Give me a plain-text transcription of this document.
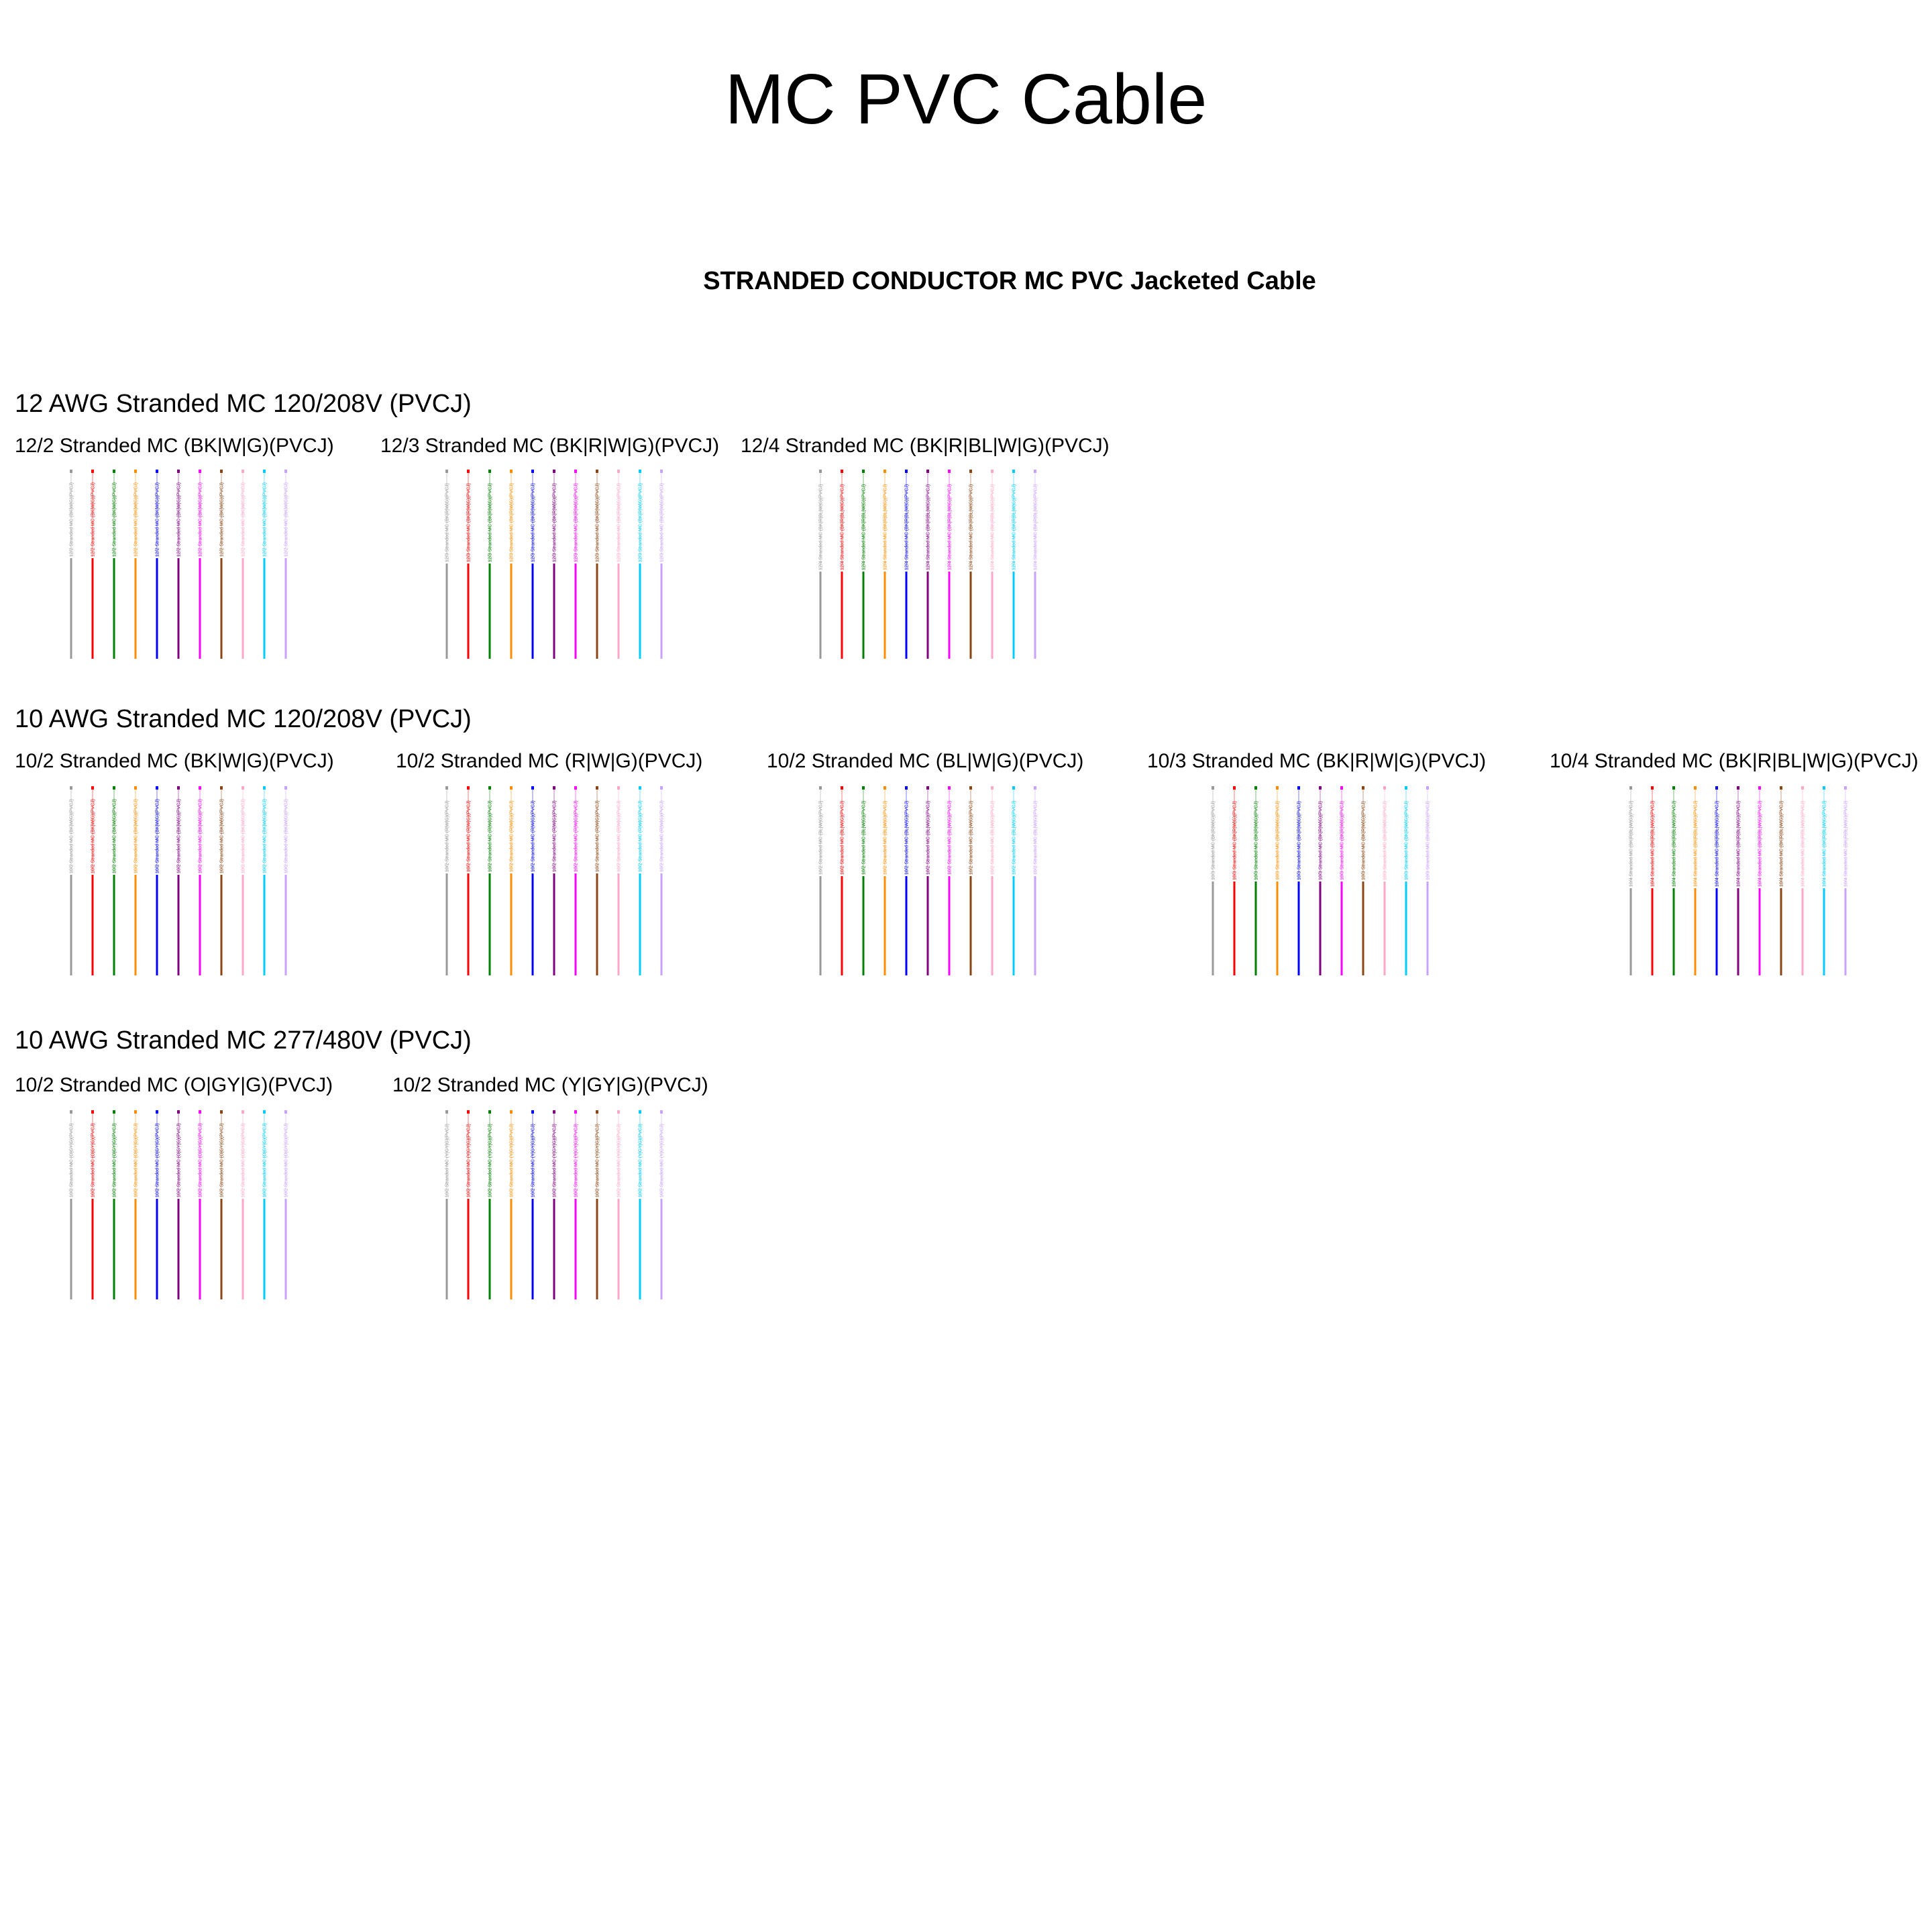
MC PVC Cable
STRANDED CONDUCTOR MC PVC Jacketed Cable
12 AWG Stranded MC 120/208V (PVCJ)
12/2 Stranded MC (BK|W|G)(PVCJ) 12/3 Stranded MC (BK|R|W|G)(PVCJ) 12/4 Stranded MC (BK|R|BL|W|G)(PVCJ)
12/2 Stranded MC (BK|W|G)(PVCJ)	12/2 Stranded MC (BK|W|G)(PVCJ)	12/2 Stranded MC (BK|W|G)(PVCJ)	12/2 Stranded MC (BK|W|G)(PVCJ)	12/2 Stranded MC (BK|W|G)(PVCJ)	12/2 Stranded MC (BK|W|G)(PVCJ)	12/2 Stranded MC (BK|W|G)(PVCJ)	12/2 Stranded MC (BK|W|G)(PVCJ)	12/2 Stranded MC (BK|W|G)(PVCJ)	12/2 Stranded MC (BK|W|G)(PVCJ)	12/2 Stranded MC (BK|W|G)(PVCJ)	12/3 Stranded MC (BK|R|W|G)(PVCJ)	12/3 Stranded MC (BK|R|W|G)(PVCJ)	12/3 Stranded MC (BK|R|W|G)(PVCJ)	12/3 Stranded MC (BK|R|W|G)(PVCJ)	12/3 Stranded MC (BK|R|W|G)(PVCJ)	12/3 Stranded MC (BK|R|W|G)(PVCJ)	12/3 Stranded MC (BK|R|W|G)(PVCJ)	12/3 Stranded MC (BK|R|W|G)(PVCJ)	12/3 Stranded MC (BK|R|W|G)(PVCJ)	12/3 Stranded MC (BK|R|W|G)(PVCJ)	12/3 Stranded MC (BK|R|W|G)(PVCJ)	12/4 Stranded MC (BK|R|BL|W|G)(PVCJ)	12/4 Stranded MC (BK|R|BL|W|G)(PVCJ)	12/4 Stranded MC (BK|R|BL|W|G)(PVCJ)	12/4 Stranded MC (BK|R|BL|W|G)(PVCJ)	12/4 Stranded MC (BK|R|BL|W|G)(PVCJ)	12/4 Stranded MC (BK|R|BL|W|G)(PVCJ)	12/4 Stranded MC (BK|R|BL|W|G)(PVCJ)	12/4 Stranded MC (BK|R|BL|W|G)(PVCJ)	12/4 Stranded MC (BK|R|BL|W|G)(PVCJ)	12/4 Stranded MC (BK|R|BL|W|G)(PVCJ)	12/4 Stranded MC (BK|R|BL|W|G)(PVCJ)
10 AWG Stranded MC 120/208V (PVCJ)
10/2 Stranded MC (BK|W|G)(PVCJ)	10/2 Stranded MC (R|W|G)(PVCJ)	10/2 Stranded MC (BL|W|G)(PVCJ)	10/3 Stranded MC (BK|R|W|G)(PVCJ)	10/4 Stranded MC (BK|R|BL|W|G)(PVCJ)
10/2 Stranded MC (BK|W|G)(PVCJ)	10/2 Stranded MC (BK|W|G)(PVCJ)	10/2 Stranded MC (BK|W|G)(PVCJ)	10/2 Stranded MC (BK|W|G)(PVCJ)	10/2 Stranded MC (BK|W|G)(PVCJ)	10/2 Stranded MC (BK|W|G)(PVCJ)	10/2 Stranded MC (BK|W|G)(PVCJ)	10/2 Stranded MC (BK|W|G)(PVCJ)	10/2 Stranded MC (BK|W|G)(PVCJ)	10/2 Stranded MC (BK|W|G)(PVCJ)	10/2 Stranded MC (BK|W|G)(PVCJ)	10/2 Stranded MC (R|W|G)(PVCJ)	10/2 Stranded MC (R|W|G)(PVCJ)	10/2 Stranded MC (R|W|G)(PVCJ)	10/2 Stranded MC (R|W|G)(PVCJ)	10/2 Stranded MC (R|W|G)(PVCJ)	10/2 Stranded MC (R|W|G)(PVCJ)	10/2 Stranded MC (R|W|G)(PVCJ)	10/2 Stranded MC (R|W|G)(PVCJ)	10/2 Stranded MC (R|W|G)(PVCJ)	10/2 Stranded MC (R|W|G)(PVCJ)	10/2 Stranded MC (R|W|G)(PVCJ)	10/2 Stranded MC (BL|W|G)(PVCJ)	10/2 Stranded MC (BL|W|G)(PVCJ)	10/2 Stranded MC (BL|W|G)(PVCJ)	10/2 Stranded MC (BL|W|G)(PVCJ)	10/2 Stranded MC (BL|W|G)(PVCJ)	10/2 Stranded MC (BL|W|G)(PVCJ)	10/2 Stranded MC (BL|W|G)(PVCJ)	10/2 Stranded MC (BL|W|G)(PVCJ)	10/2 Stranded MC (BL|W|G)(PVCJ)	10/2 Stranded MC (BL|W|G)(PVCJ)	10/2 Stranded MC (BL|W|G)(PVCJ)	10/3 Stranded MC (BK|R|W|G)(PVCJ)	10/3 Stranded MC (BK|R|W|G)(PVCJ)	10/3 Stranded MC (BK|R|W|G)(PVCJ)	10/3 Stranded MC (BK|R|W|G)(PVCJ)	10/3 Stranded MC (BK|R|W|G)(PVCJ)	10/3 Stranded MC (BK|R|W|G)(PVCJ)	10/3 Stranded MC (BK|R|W|G)(PVCJ)	10/3 Stranded MC (BK|R|W|G)(PVCJ)	10/3 Stranded MC (BK|R|W|G)(PVCJ)	10/3 Stranded MC (BK|R|W|G)(PVCJ)	10/3 Stranded MC (BK|R|W|G)(PVCJ)	10/4 Stranded MC (BK|R|BL|W|G)(PVCJ)	10/4 Stranded MC (BK|R|BL|W|G)(PVCJ)	10/4 Stranded MC (BK|R|BL|W|G)(PVCJ)	10/4 Stranded MC (BK|R|BL|W|G)(PVCJ)	10/4 Stranded MC (BK|R|BL|W|G)(PVCJ)	10/4 Stranded MC (BK|R|BL|W|G)(PVCJ)	10/4 Stranded MC (BK|R|BL|W|G)(PVCJ)	10/4 Stranded MC (BK|R|BL|W|G)(PVCJ)	10/4 Stranded MC (BK|R|BL|W|G)(PVCJ)	10/4 Stranded MC (BK|R|BL|W|G)(PVCJ)	10/4 Stranded MC (BK|R|BL|W|G)(PVCJ)
10 AWG Stranded MC 277/480V (PVCJ)
10/2 Stranded MC (O|GY|G)(PVCJ)	10/2 Stranded MC (Y|GY|G)(PVCJ)
10/2 Stranded MC (O|GY|G)(PVCJ)	10/2 Stranded MC (O|GY|G)(PVCJ)	10/2 Stranded MC (O|GY|G)(PVCJ)	10/2 Stranded MC (O|GY|G)(PVCJ)	10/2 Stranded MC (O|GY|G)(PVCJ)	10/2 Stranded MC (O|GY|G)(PVCJ)	10/2 Stranded MC (O|GY|G)(PVCJ)	10/2 Stranded MC (O|GY|G)(PVCJ)	10/2 Stranded MC (O|GY|G)(PVCJ)	10/2 Stranded MC (O|GY|G)(PVCJ)	10/2 Stranded MC (O|GY|G)(PVCJ)	10/2 Stranded MC (Y|GY|G)(PVCJ)	10/2 Stranded MC (Y|GY|G)(PVCJ)	10/2 Stranded MC (Y|GY|G)(PVCJ)	10/2 Stranded MC (Y|GY|G)(PVCJ)	10/2 Stranded MC (Y|GY|G)(PVCJ)	10/2 Stranded MC (Y|GY|G)(PVCJ)	10/2 Stranded MC (Y|GY|G)(PVCJ)	10/2 Stranded MC (Y|GY|G)(PVCJ)	10/2 Stranded MC (Y|GY|G)(PVCJ)	10/2 Stranded MC (Y|GY|G)(PVCJ)	10/2 Stranded MC (Y|GY|G)(PVCJ)
